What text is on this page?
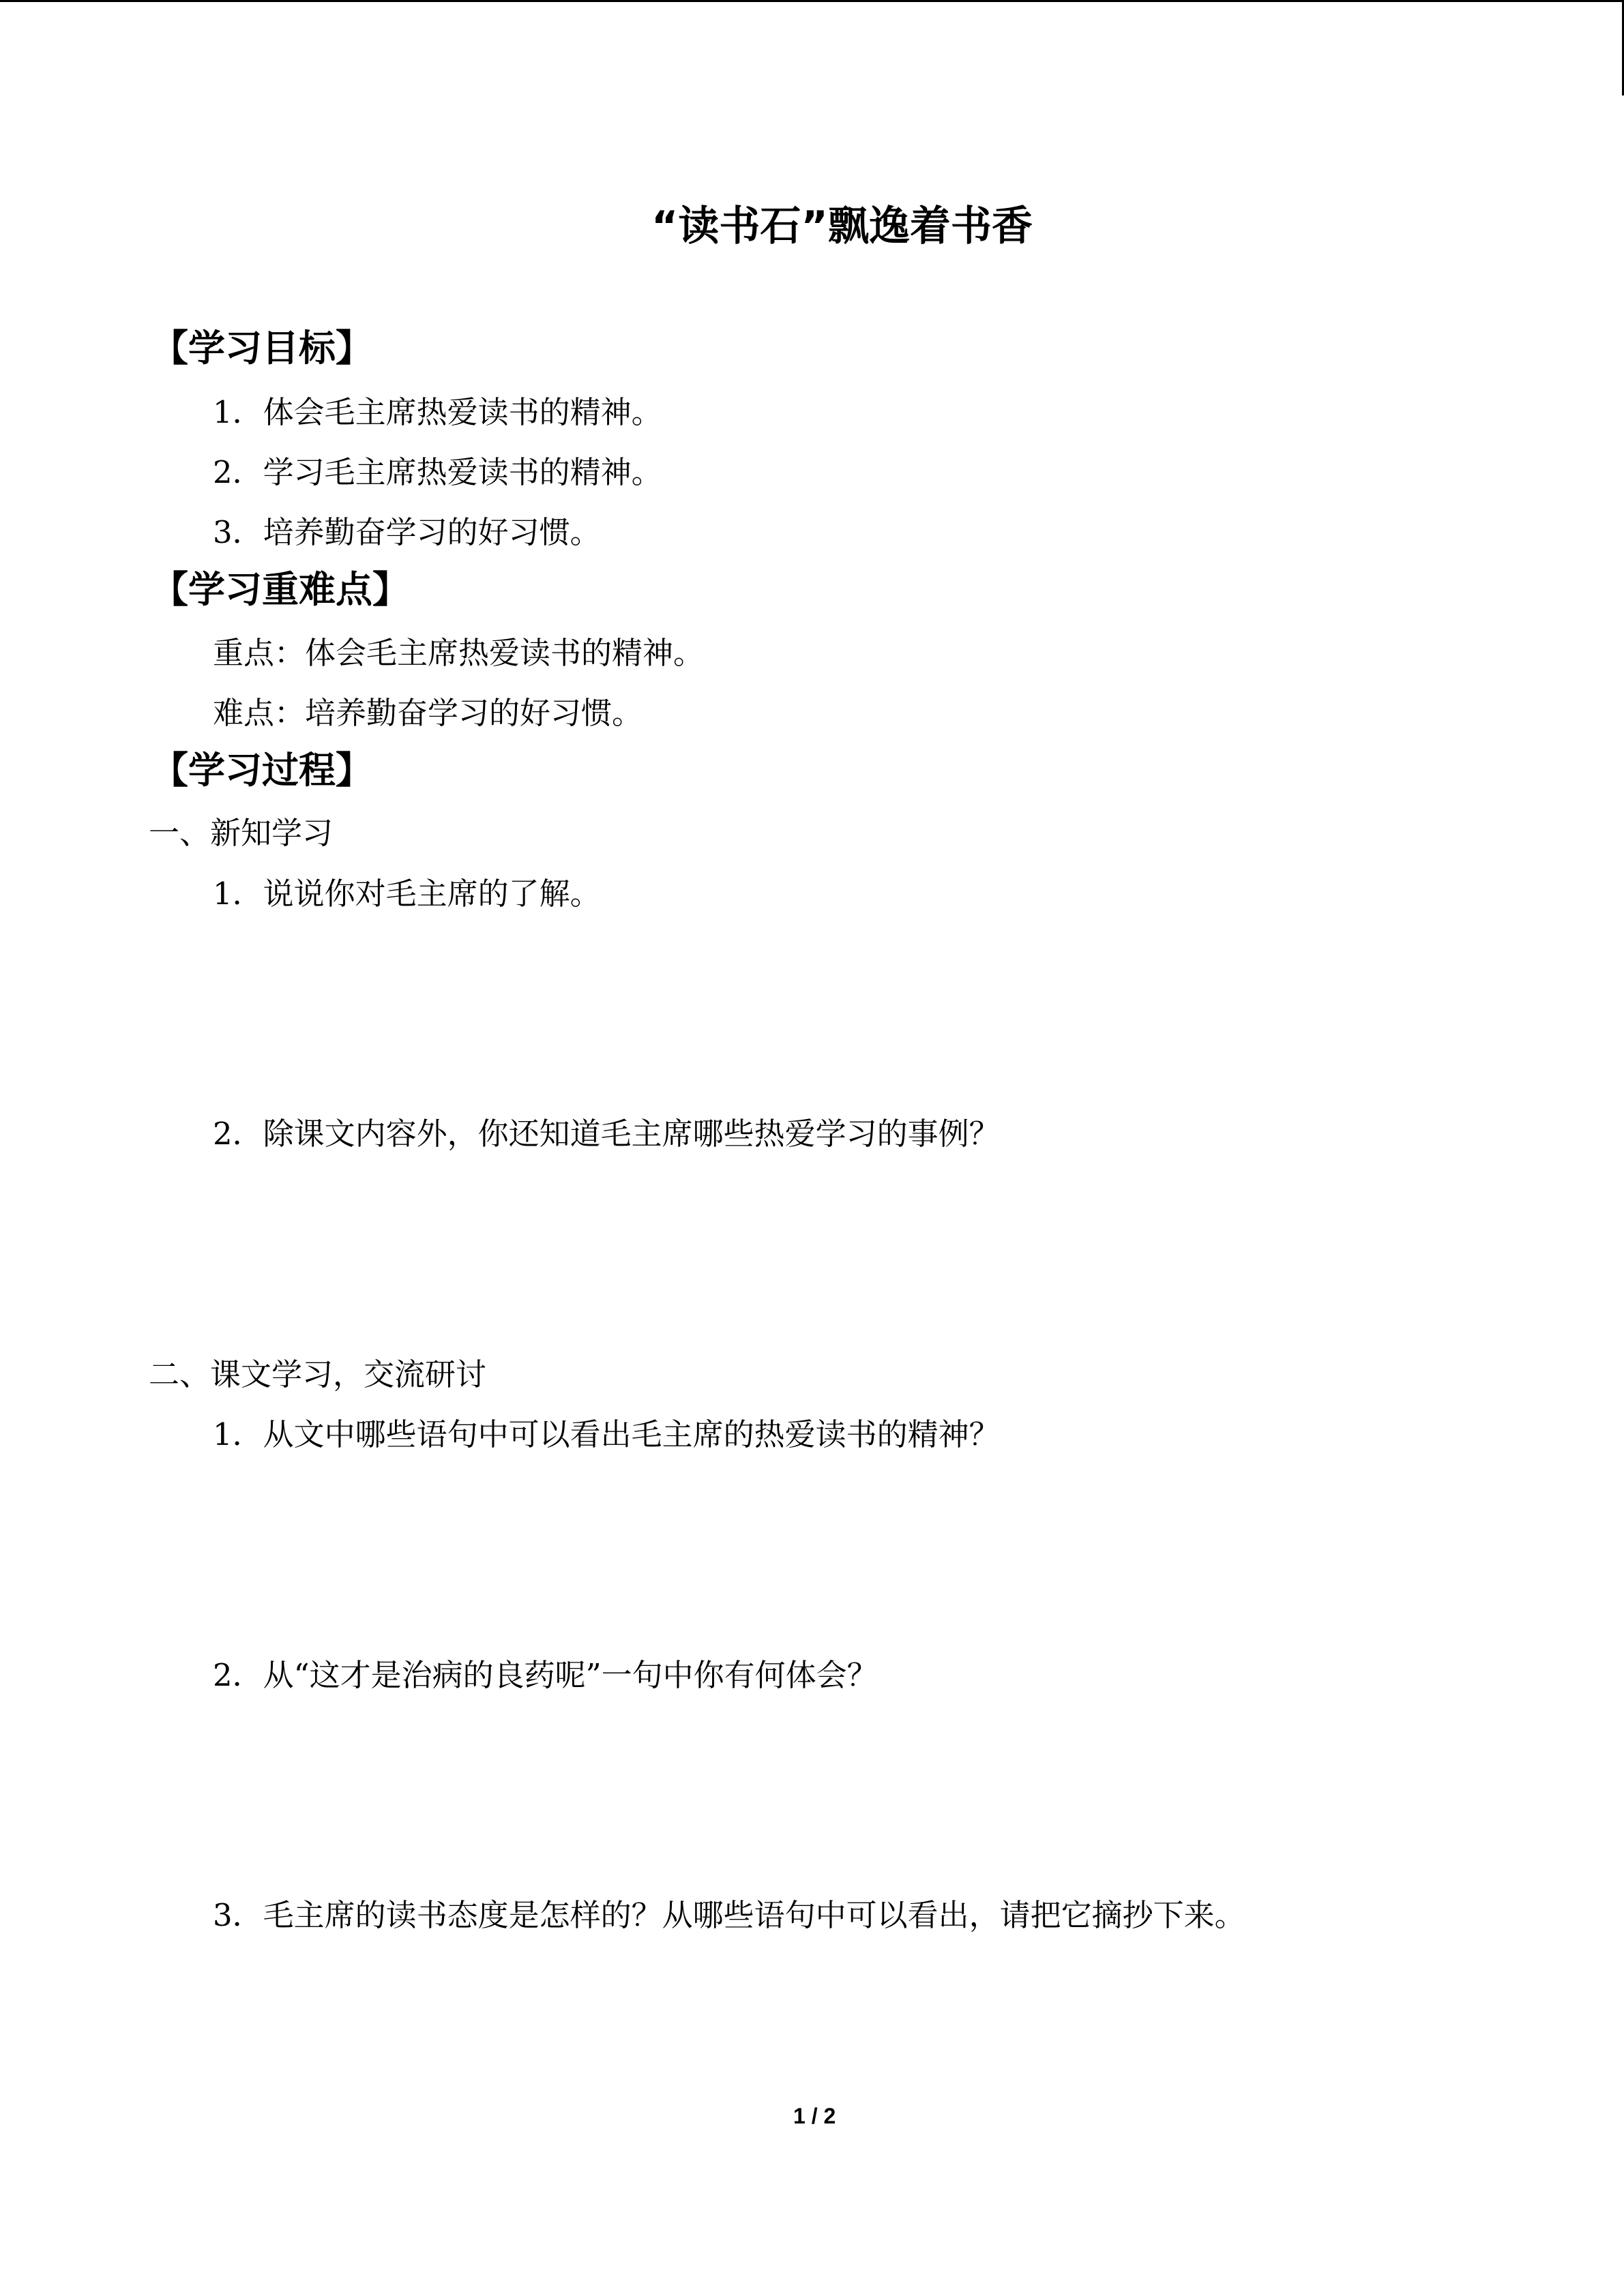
“读书石”飘逸着书香
【学习目标】
1．体会毛主席热爱读书的精神。
2．学习毛主席热爱读书的精神。
3．培养勤奋学习的好习惯。
【学习重难点】
重点：体会毛主席热爱读书的精神。
难点：培养勤奋学习的好习惯。
【学习过程】
一、新知学习
1．说说你对毛主席的了解。
2．除课文内容外，你还知道毛主席哪些热爱学习的事例？
二、课文学习，交流研讨
1．从文中哪些语句中可以看出毛主席的热爱读书的精神？
2．从“这才是治病的良药呢”一句中你有何体会？
3．毛主席的读书态度是怎样的？从哪些语句中可以看出，请把它摘抄下来。
1 / 2
